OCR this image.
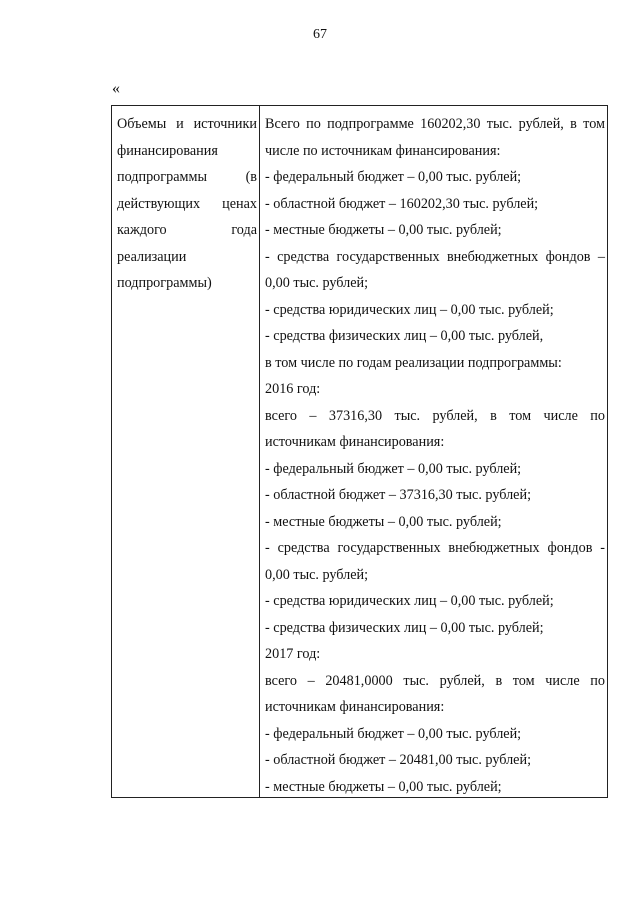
67
«
Объемы и источники
финансирования
подпрограммы (в
действующих ценах
каждого года
реализации
подпрограммы)
Всего по подпрограмме 160202,30 тыс. рублей, в том
числе по источникам финансирования:
- федеральный бюджет – 0,00 тыс. рублей;
- областной бюджет – 160202,30 тыс. рублей;
- местные бюджеты – 0,00 тыс. рублей;
- средства государственных внебюджетных фондов –
0,00 тыс. рублей;
- средства юридических лиц – 0,00 тыс. рублей;
- средства физических лиц – 0,00 тыс. рублей,
в том числе по годам реализации подпрограммы:
2016 год:
всего – 37316,30 тыс. рублей, в том числе по
источникам финансирования:
- федеральный бюджет – 0,00 тыс. рублей;
- областной бюджет – 37316,30 тыс. рублей;
- местные бюджеты – 0,00 тыс. рублей;
- средства государственных внебюджетных фондов -
0,00 тыс. рублей;
- средства юридических лиц – 0,00 тыс. рублей;
- средства физических лиц – 0,00 тыс. рублей;
2017 год:
всего – 20481,0000 тыс. рублей, в том числе по
источникам финансирования:
- федеральный бюджет – 0,00 тыс. рублей;
- областной бюджет – 20481,00 тыс. рублей;
- местные бюджеты – 0,00 тыс. рублей;
